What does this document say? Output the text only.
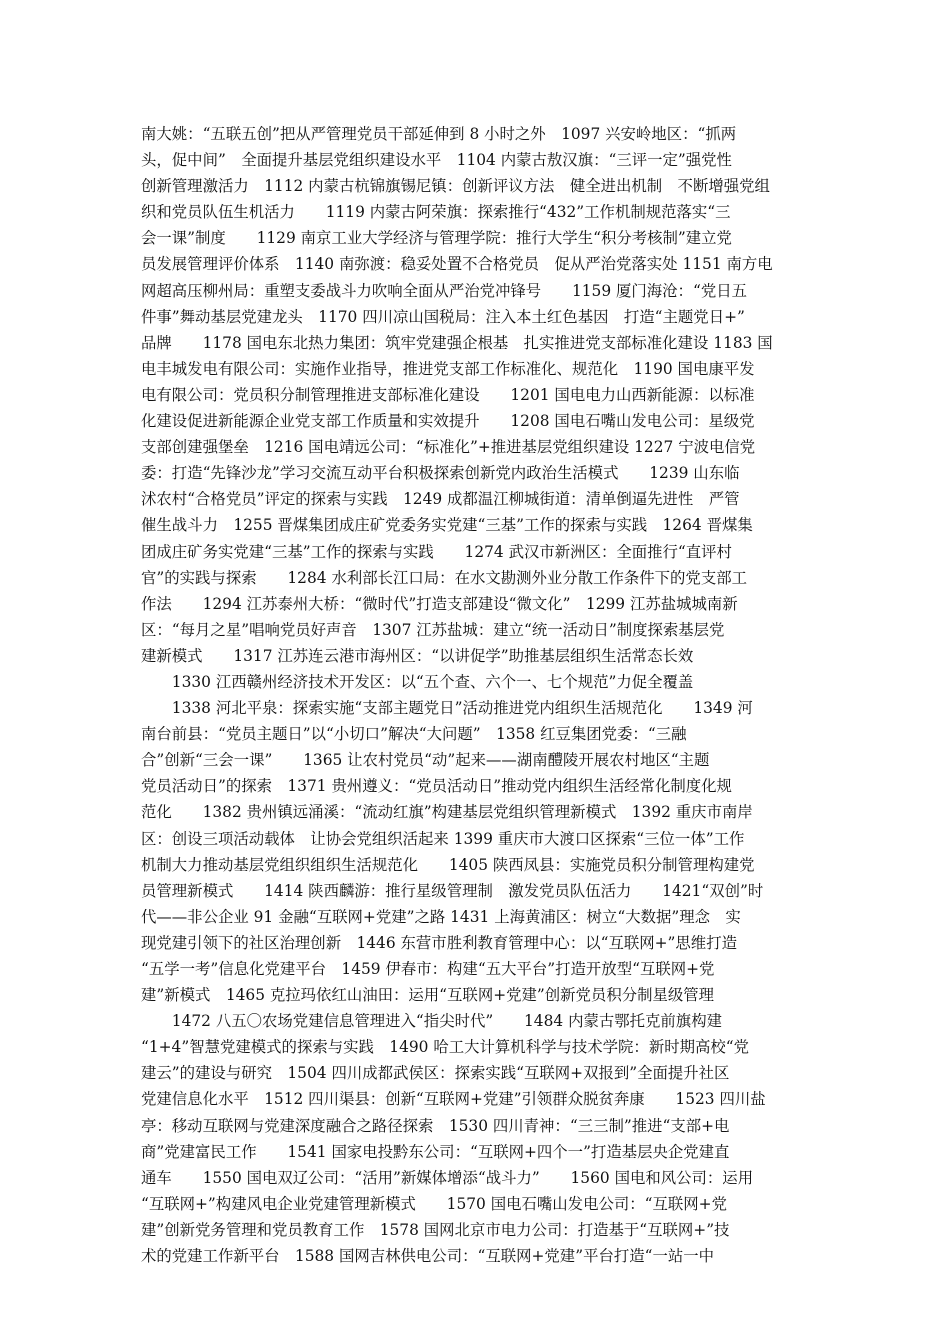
南大姚：“五联五创”把从严管理党员干部延伸到 8 小时之外　1097 兴安岭地区：“抓两
头，促中间”　全面提升基层党组织建设水平　1104 内蒙古敖汉旗：“三评一定”强党性
创新管理激活力　1112 内蒙古杭锦旗锡尼镇：创新评议方法　健全进出机制　不断增强党组
织和党员队伍生机活力　　1119 内蒙古阿荣旗：探索推行“432”工作机制规范落实“三
会一课”制度　　1129 南京工业大学经济与管理学院：推行大学生“积分考核制”建立党
员发展管理评价体系　1140 南弥渡：稳妥处置不合格党员　促从严治党落实处 1151 南方电
网超高压柳州局：重塑支委战斗力吹响全面从严治党冲锋号　　1159 厦门海沧：“党日五
件事”舞动基层党建龙头　1170 四川凉山国税局：注入本土红色基因　打造“主题党日+”
品牌　　1178 国电东北热力集团：筑牢党建强企根基　扎实推进党支部标准化建设 1183 国
电丰城发电有限公司：实施作业指导，推进党支部工作标准化、规范化　1190 国电康平发
电有限公司：党员积分制管理推进支部标准化建设　　1201 国电电力山西新能源：以标准
化建设促进新能源企业党支部工作质量和实效提升　　1208 国电石嘴山发电公司：星级党
支部创建强堡垒　1216 国电靖远公司：“标准化”+推进基层党组织建设 1227 宁波电信党
委：打造“先锋沙龙”学习交流互动平台积极探索创新党内政治生活模式　　1239 山东临
沭农村“合格党员”评定的探索与实践　1249 成都温江柳城街道：清单倒逼先进性　严管
催生战斗力　1255 晋煤集团成庄矿党委务实党建“三基”工作的探索与实践　1264 晋煤集
团成庄矿务实党建“三基”工作的探索与实践　　1274 武汉市新洲区：全面推行“直评村
官”的实践与探索　　1284 水利部长江口局：在水文勘测外业分散工作条件下的党支部工
作法　　1294 江苏泰州大桥：“微时代”打造支部建设“微文化”　1299 江苏盐城城南新
区：“每月之星”唱响党员好声音　1307 江苏盐城：建立“统一活动日”制度探索基层党
建新模式　　1317 江苏连云港市海州区：“以讲促学”助推基层组织生活常态长效
1330 江西赣州经济技术开发区：以“五个查、六个一、七个规范”力促全覆盖
1338 河北平泉：探索实施“支部主题党日”活动推进党内组织生活规范化　　1349 河
南台前县：“党员主题日”以“小切口”解决“大问题”　1358 红豆集团党委：“三融
合”创新“三会一课”　　1365 让农村党员“动”起来——湖南醴陵开展农村地区“主题
党员活动日”的探索　1371 贵州遵义：“党员活动日”推动党内组织生活经常化制度化规
范化　　1382 贵州镇远涌溪：“流动红旗”构建基层党组织管理新模式　1392 重庆市南岸
区：创设三项活动载体　让协会党组织活起来 1399 重庆市大渡口区探索“三位一体”工作
机制大力推动基层党组织组织生活规范化　　1405 陕西凤县：实施党员积分制管理构建党
员管理新模式　　1414 陕西麟游：推行星级管理制　激发党员队伍活力　　1421“双创”时
代——非公企业 91 金融“互联网+党建”之路 1431 上海黄浦区：树立“大数据”理念　实
现党建引领下的社区治理创新　1446 东营市胜利教育管理中心：以“互联网+”思维打造
“五学一考”信息化党建平台　1459 伊春市：构建“五大平台”打造开放型“互联网+党
建”新模式　1465 克拉玛依红山油田：运用“互联网+党建”创新党员积分制星级管理
1472 八五〇农场党建信息管理进入“指尖时代”　　1484 内蒙古鄂托克前旗构建
“1+4”智慧党建模式的探索与实践　1490 哈工大计算机科学与技术学院：新时期高校“党
建云”的建设与研究　1504 四川成都武侯区：探索实践“互联网+双报到”全面提升社区
党建信息化水平　1512 四川渠县：创新“互联网+党建”引领群众脱贫奔康　　1523 四川盐
亭：移动互联网与党建深度融合之路径探索　1530 四川青神：“三三制”推进“支部+电
商”党建富民工作　　1541 国家电投黔东公司：“互联网+四个一”打造基层央企党建直
通车　　1550 国电双辽公司：“活用”新媒体增添“战斗力”　　1560 国电和风公司：运用
“互联网+”构建风电企业党建管理新模式　　1570 国电石嘴山发电公司：“互联网+党
建”创新党务管理和党员教育工作　1578 国网北京市电力公司：打造基于“互联网+”技
术的党建工作新平台　1588 国网吉林供电公司：“互联网+党建”平台打造“一站一中
